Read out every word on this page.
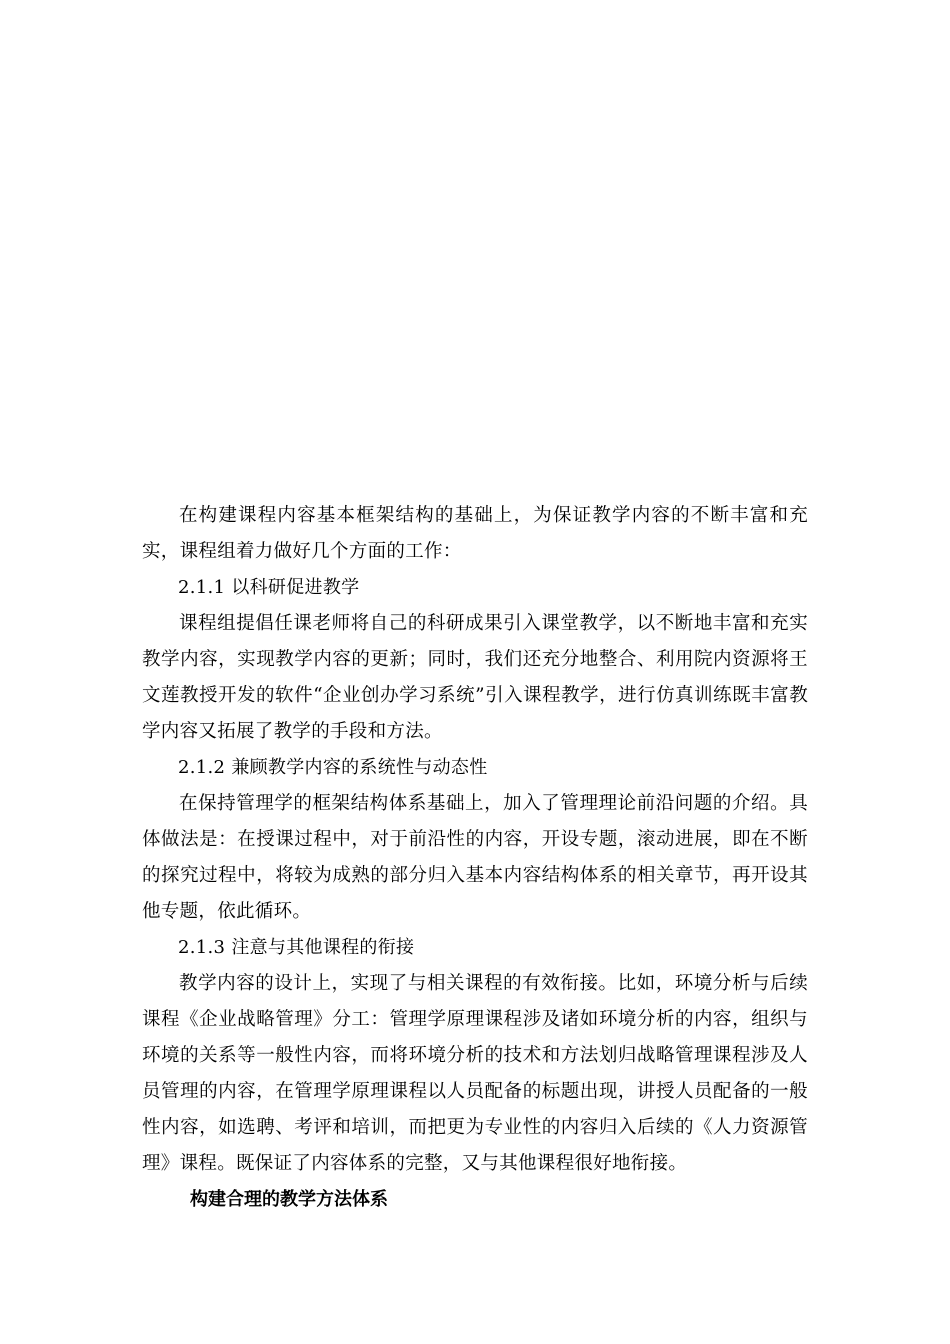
在构建课程内容基本框架结构的基础上，为保证教学内容的不断丰富和充实，课程组着力做好几个方面的工作：

2.1.1 以科研促进教学

课程组提倡任课老师将自己的科研成果引入课堂教学，以不断地丰富和充实教学内容，实现教学内容的更新；同时，我们还充分地整合、利用院内资源将王文莲教授开发的软件“企业创办学习系统”引入课程教学，进行仿真训练既丰富教学内容又拓展了教学的手段和方法。

2.1.2 兼顾教学内容的系统性与动态性

在保持管理学的框架结构体系基础上，加入了管理理论前沿问题的介绍。具体做法是：在授课过程中，对于前沿性的内容，开设专题，滚动进展，即在不断的探究过程中，将较为成熟的部分归入基本内容结构体系的相关章节，再开设其他专题，依此循环。

2.1.3 注意与其他课程的衔接

教学内容的设计上，实现了与相关课程的有效衔接。比如，环境分析与后续课程《企业战略管理》分工：管理学原理课程涉及诸如环境分析的内容，组织与环境的关系等一般性内容，而将环境分析的技术和方法划归战略管理课程涉及人员管理的内容，在管理学原理课程以人员配备的标题出现，讲授人员配备的一般性内容，如选聘、考评和培训，而把更为专业性的内容归入后续的《人力资源管理》课程。既保证了内容体系的完整，又与其他课程很好地衔接。

构建合理的教学方法体系
